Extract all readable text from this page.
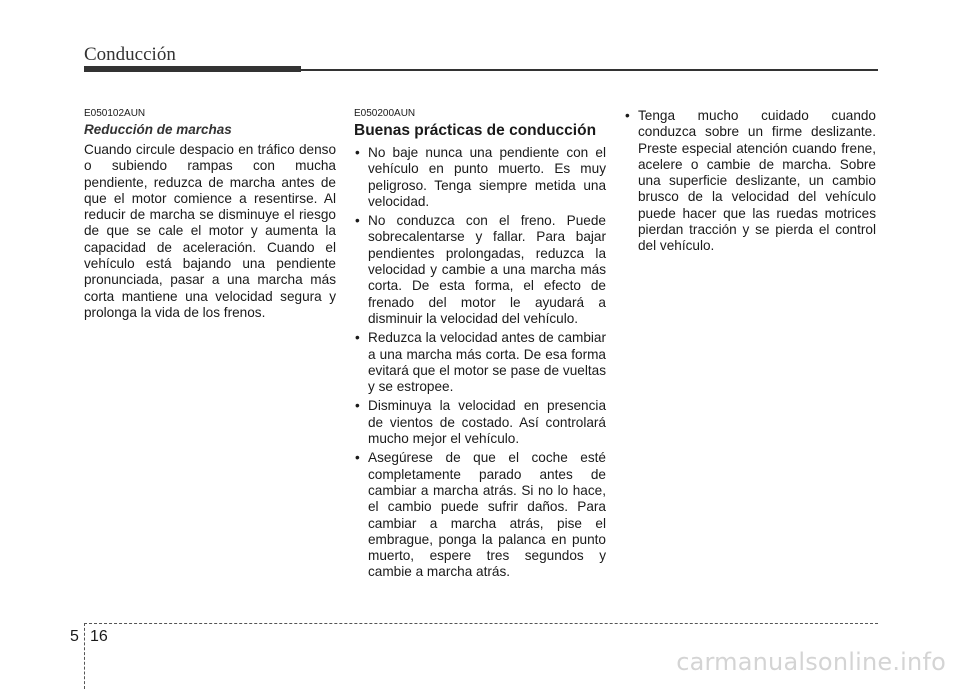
Conducción
E050102AUN
Reducción de marchas

Cuando circule despacio en tráfico denso o subiendo rampas con mucha pendiente, reduzca de marcha antes de que el motor comience a resentirse. Al reducir de marcha se disminuye el riesgo de que se cale el motor y aumenta la capacidad de aceleración. Cuando el vehículo está bajando una pendiente pronunciada, pasar a una marcha más corta mantiene una velocidad segura y prolonga la vida de los frenos.

E050200AUN
Buenas prácticas de conducción
• No baje nunca una pendiente con el vehículo en punto muerto. Es muy peligroso. Tenga siempre metida una velocidad.
• No conduzca con el freno. Puede sobrecalentarse y fallar. Para bajar pendientes prolongadas, reduzca la velocidad y cambie a una marcha más corta. De esta forma, el efecto de frenado del motor le ayudará a disminuir la velocidad del vehículo.
• Reduzca la velocidad antes de cambiar a una marcha más corta. De esa forma evitará que el motor se pase de vueltas y se estropee.
• Disminuya la velocidad en presencia de vientos de costado. Así controlará mucho mejor el vehículo.
• Asegúrese de que el coche esté completamente parado antes de cambiar a marcha atrás. Si no lo hace, el cambio puede sufrir daños. Para cambiar a marcha atrás, pise el embrague, ponga la palanca en punto muerto, espere tres segundos y cambie a marcha atrás.
• Tenga mucho cuidado cuando conduzca sobre un firme deslizante. Preste especial atención cuando frene, acelere o cambie de marcha. Sobre una superficie deslizante, un cambio brusco de la velocidad del vehículo puede hacer que las ruedas motrices pierdan tracción y se pierda el control del vehículo.
5 16
carmanualsonline.info
